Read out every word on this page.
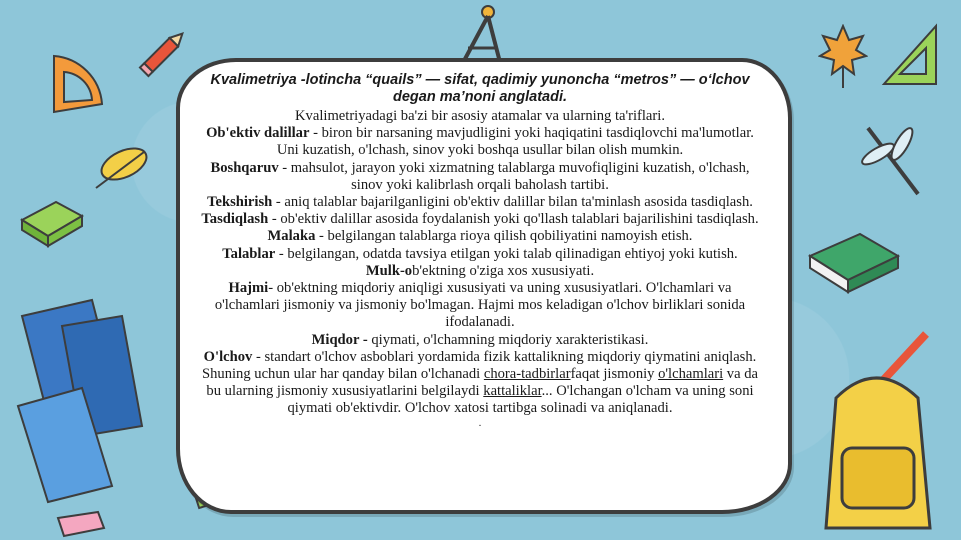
Kvalimetriya -lotincha “quails” — sifat, qadimiy yunoncha “metros” — o‘lchov degan ma’noni anglatadi.

Kvalimetriyadagi ba'zi bir asosiy atamalar va ularning ta'riflari.

Ob'ektiv dalillar - biron bir narsaning mavjudligini yoki haqiqatini tasdiqlovchi ma'lumotlar. Uni kuzatish, o'lchash, sinov yoki boshqa usullar bilan olish mumkin.

Boshqaruv - mahsulot, jarayon yoki xizmatning talablarga muvofiqligini kuzatish, o'lchash, sinov yoki kalibrlash orqali baholash tartibi.

Tekshirish - aniq talablar bajarilganligini ob'ektiv dalillar bilan ta'minlash asosida tasdiqlash.

Tasdiqlash - ob'ektiv dalillar asosida foydalanish yoki qo'llash talablari bajarilishini tasdiqlash.

Malaka - belgilangan talablarga rioya qilish qobiliyatini namoyish etish.

Talablar - belgilangan, odatda tavsiya etilgan yoki talab qilinadigan ehtiyoj yoki kutish.

Mulk-ob'ektning o'ziga xos xususiyati.

Hajmi- ob'ektning miqdoriy aniqligi xususiyati va uning xususiyatlari. O'lchamlari va o'lchamlari jismoniy va jismoniy bo'lmagan. Hajmi mos keladigan o'lchov birliklari sonida ifodalanadi.

Miqdor - qiymati, o'lchamning miqdoriy xarakteristikasi.

O'lchov - standart o'lchov asboblari yordamida fizik kattalikning miqdoriy qiymatini aniqlash. Shuning uchun ular har qanday bilan o'lchanadi chora-tadbirlarfaqat jismoniy o'lchamlari va da bu ularning jismoniy xususiyatlarini belgilaydi kattaliklar... O'lchangan o'lcham va uning soni qiymati ob'ektivdir. O'lchov xatosi tartibga solinadi va aniqlanadi.

.
